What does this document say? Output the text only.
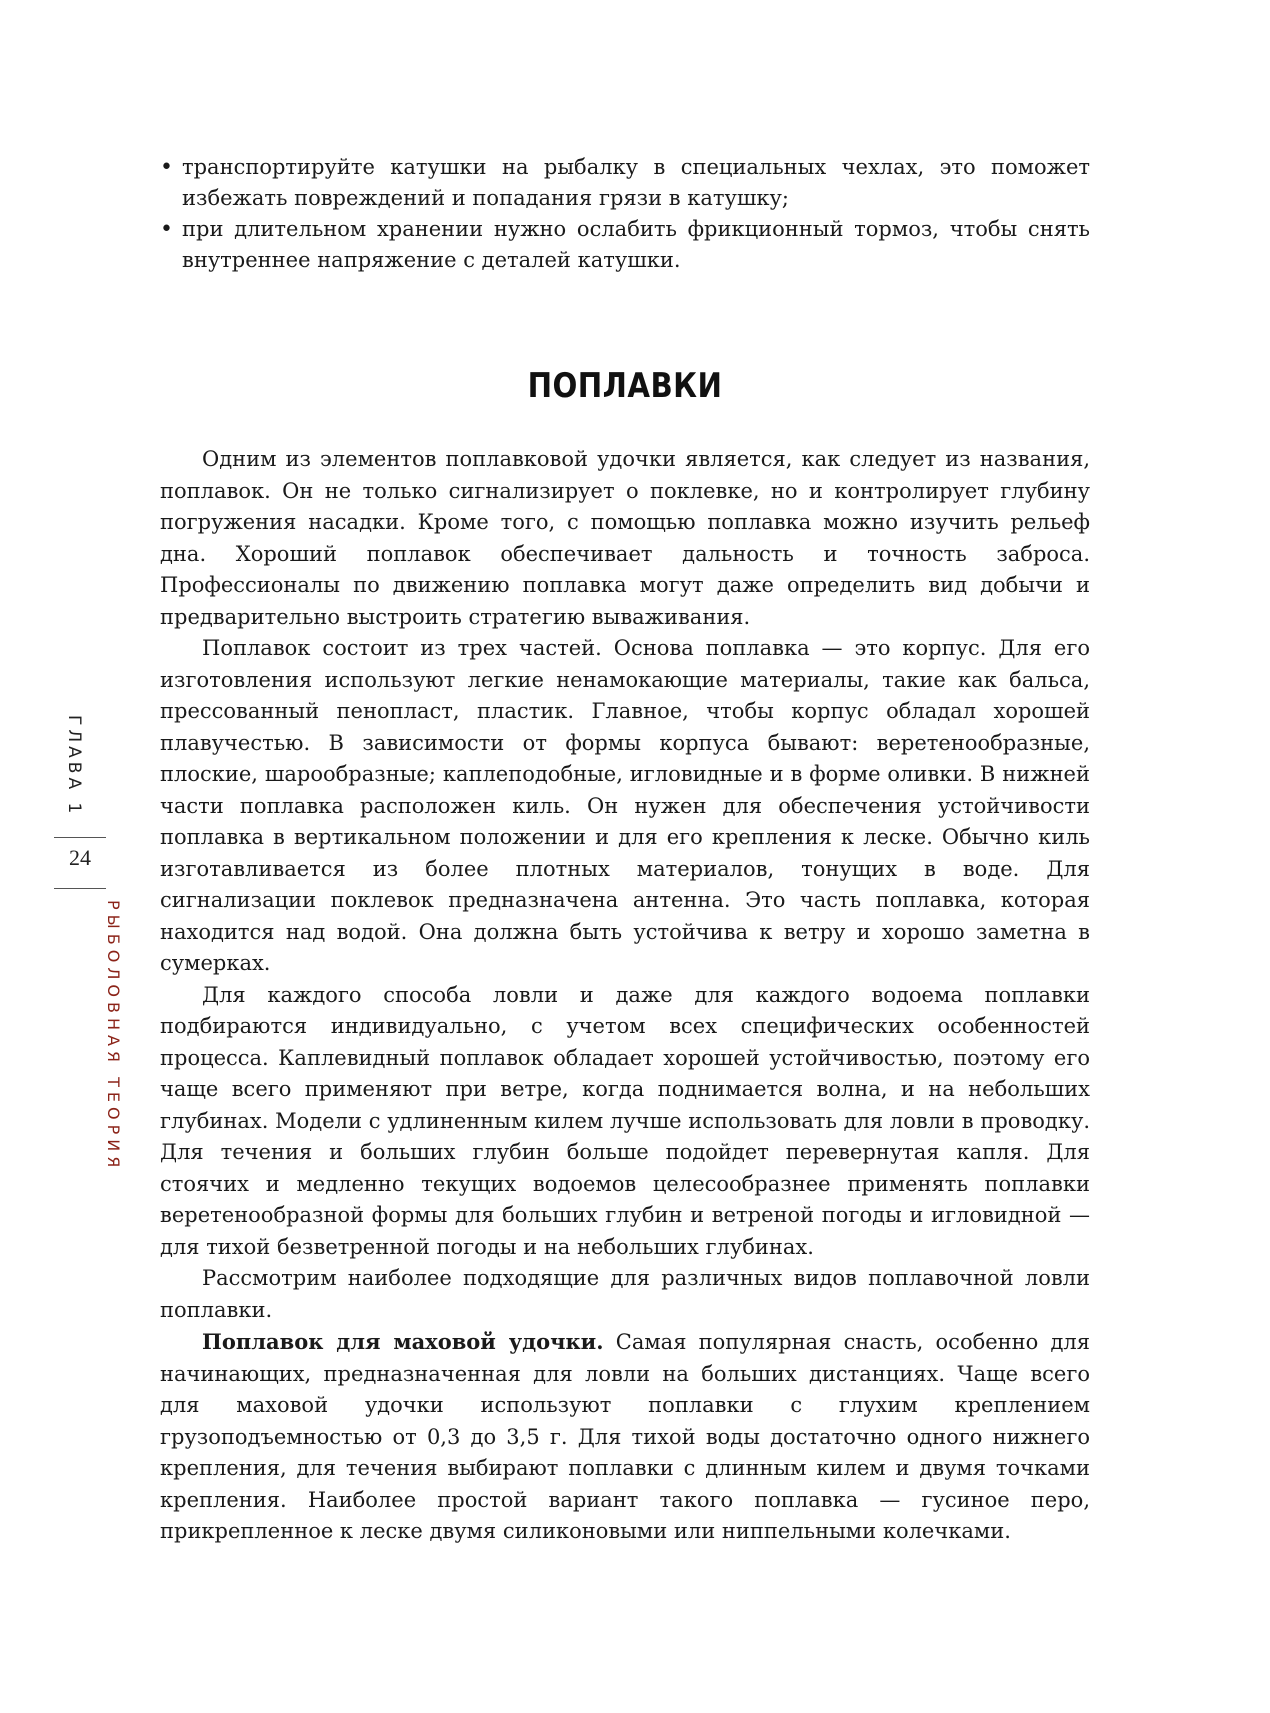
ГЛАВА 1
24
РЫБОЛОВНАЯ ТЕОРИЯ
• транспортируйте катушки на рыбалку в специальных чехлах, это поможет избежать повреждений и попадания грязи в катушку;
• при длительном хранении нужно ослабить фрикционный тормоз, чтобы снять внутреннее напряжение с деталей катушки.
ПОПЛАВКИ

Одним из элементов поплавковой удочки является, как следует из названия, поплавок. Он не только сигнализирует о поклевке, но и контролирует глубину погружения насадки. Кроме того, с помощью поплавка можно изучить рельеф дна. Хороший поплавок обеспечивает дальность и точность заброса. Профессионалы по движению поплавка могут даже определить вид добычи и предварительно выстроить стратегию вываживания.

Поплавок состоит из трех частей. Основа поплавка — это корпус. Для его изготовления используют легкие ненамокающие материалы, такие как бальса, прессованный пенопласт, пластик. Главное, чтобы корпус обладал хорошей плавучестью. В зависимости от формы корпуса бывают: веретенообразные, плоские, шарообразные; каплеподобные, игловидные и в форме оливки. В нижней части поплавка расположен киль. Он нужен для обеспечения устойчивости поплавка в вертикальном положении и для его крепления к леске. Обычно киль изготавливается из более плотных материалов, тонущих в воде. Для сигнализации поклевок предназначена антенна. Это часть поплавка, которая находится над водой. Она должна быть устойчива к ветру и хорошо заметна в сумерках.

Для каждого способа ловли и даже для каждого водоема поплавки подбираются индивидуально, с учетом всех специфических особенностей процесса. Каплевидный поплавок обладает хорошей устойчивостью, поэтому его чаще всего применяют при ветре, когда поднимается волна, и на небольших глубинах. Модели с удлиненным килем лучше использовать для ловли в проводку. Для течения и больших глубин больше подойдет перевернутая капля. Для стоячих и медленно текущих водоемов целесообразнее применять поплавки веретенообразной формы для больших глубин и ветреной погоды и игловидной — для тихой безветренной погоды и на небольших глубинах.

Рассмотрим наиболее подходящие для различных видов поплавочной ловли поплавки.

Поплавок для маховой удочки. Самая популярная снасть, особенно для начинающих, предназначенная для ловли на больших дистанциях. Чаще всего для маховой удочки используют поплавки с глухим креплением грузоподъемностью от 0,3 до 3,5 г. Для тихой воды достаточно одного нижнего крепления, для течения выбирают поплавки с длинным килем и двумя точками крепления. Наиболее простой вариант такого поплавка — гусиное перо, прикрепленное к леске двумя силиконовыми или ниппельными колечками.
